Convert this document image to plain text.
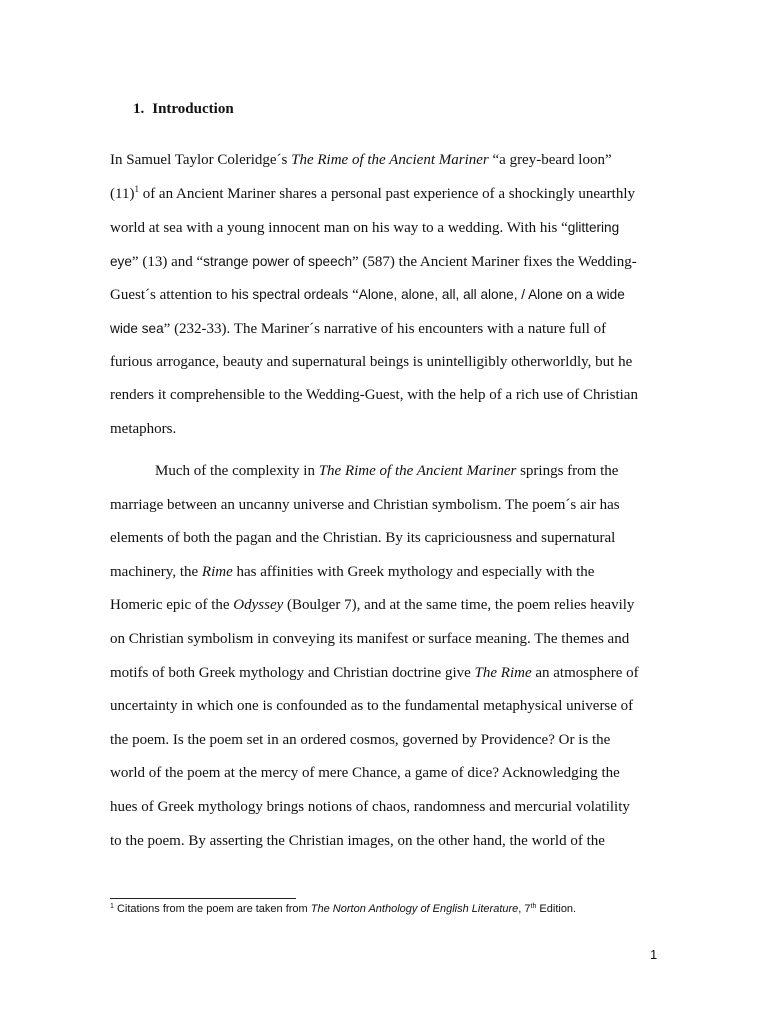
1. Introduction
In Samuel Taylor Coleridge´s The Rime of the Ancient Mariner “a grey-beard loon”
$(11)^1$ of an Ancient Mariner shares a personal past experience of a shockingly unearthly
world at sea with a young innocent man on his way to a wedding. With his “glittering
eye” (13) and “strange power of speech” (587) the Ancient Mariner fixes the Wedding-
Guest´s attention to his spectral ordeals “Alone, alone, all, all alone, / Alone on a wide
wide sea” (232-33). The Mariner´s narrative of his encounters with a nature full of
furious arrogance, beauty and supernatural beings is unintelligibly otherworldly, but he
renders it comprehensible to the Wedding-Guest, with the help of a rich use of Christian
metaphors.
Much of the complexity in The Rime of the Ancient Mariner springs from the
marriage between an uncanny universe and Christian symbolism. The poem´s air has
elements of both the pagan and the Christian. By its capriciousness and supernatural
machinery, the Rime has affinities with Greek mythology and especially with the
Homeric epic of the Odyssey (Boulger 7), and at the same time, the poem relies heavily
on Christian symbolism in conveying its manifest or surface meaning. The themes and
motifs of both Greek mythology and Christian doctrine give The Rime an atmosphere of
uncertainty in which one is confounded as to the fundamental metaphysical universe of
the poem. Is the poem set in an ordered cosmos, governed by Providence? Or is the
world of the poem at the mercy of mere Chance, a game of dice? Acknowledging the
hues of Greek mythology brings notions of chaos, randomness and mercurial volatility
to the poem. By asserting the Christian images, on the other hand, the world of the
$^1$ Citations from the poem are taken from The Norton Anthology of English Literature, 7th Edition.
1
